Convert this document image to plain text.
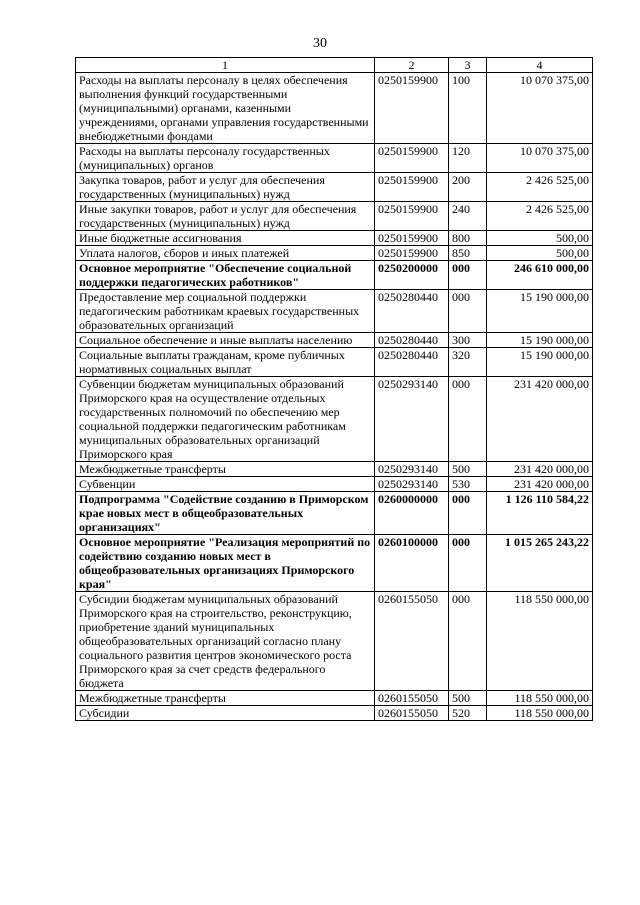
30
1	2	3	4
Расходы на выплаты персоналу в целях обеспечения выполнения функций государственными (муниципальными) органами, казенными учреждениями, органами управления государственными внебюджетными фондами	0250159900	100	10 070 375,00
Расходы на выплаты персоналу государственных (муниципальных) органов	0250159900	120	10 070 375,00
Закупка товаров, работ и услуг для обеспечения государственных (муниципальных) нужд	0250159900	200	2 426 525,00
Иные закупки товаров, работ и услуг для обеспечения государственных (муниципальных) нужд	0250159900	240	2 426 525,00
Иные бюджетные ассигнования	0250159900	800	500,00
Уплата налогов, сборов и иных платежей	0250159900	850	500,00
Основное мероприятие "Обеспечение социальной поддержки педагогических работников"	0250200000	000	246 610 000,00
Предоставление мер социальной поддержки педагогическим работникам краевых государственных образовательных организаций	0250280440	000	15 190 000,00
Социальное обеспечение и иные выплаты населению	0250280440	300	15 190 000,00
Социальные выплаты гражданам, кроме публичных нормативных социальных выплат	0250280440	320	15 190 000,00
Субвенции бюджетам муниципальных образований Приморского края на осуществление отдельных государственных полномочий по обеспечению мер социальной поддержки педагогическим работникам муниципальных образовательных организаций Приморского края	0250293140	000	231 420 000,00
Межбюджетные трансферты	0250293140	500	231 420 000,00
Субвенции	0250293140	530	231 420 000,00
Подпрограмма "Содействие созданию в Приморском крае новых мест в общеобразовательных организациях"	0260000000	000	1 126 110 584,22
Основное мероприятие "Реализация мероприятий по содействию созданию новых мест в общеобразовательных организациях Приморского края"	0260100000	000	1 015 265 243,22
Субсидии бюджетам муниципальных образований Приморского края на строительство, реконструкцию, приобретение зданий муниципальных общеобразовательных организаций согласно плану социального развития центров экономического роста Приморского края за счет средств федерального бюджета	0260155050	000	118 550 000,00
Межбюджетные трансферты	0260155050	500	118 550 000,00
Субсидии	0260155050	520	118 550 000,00
